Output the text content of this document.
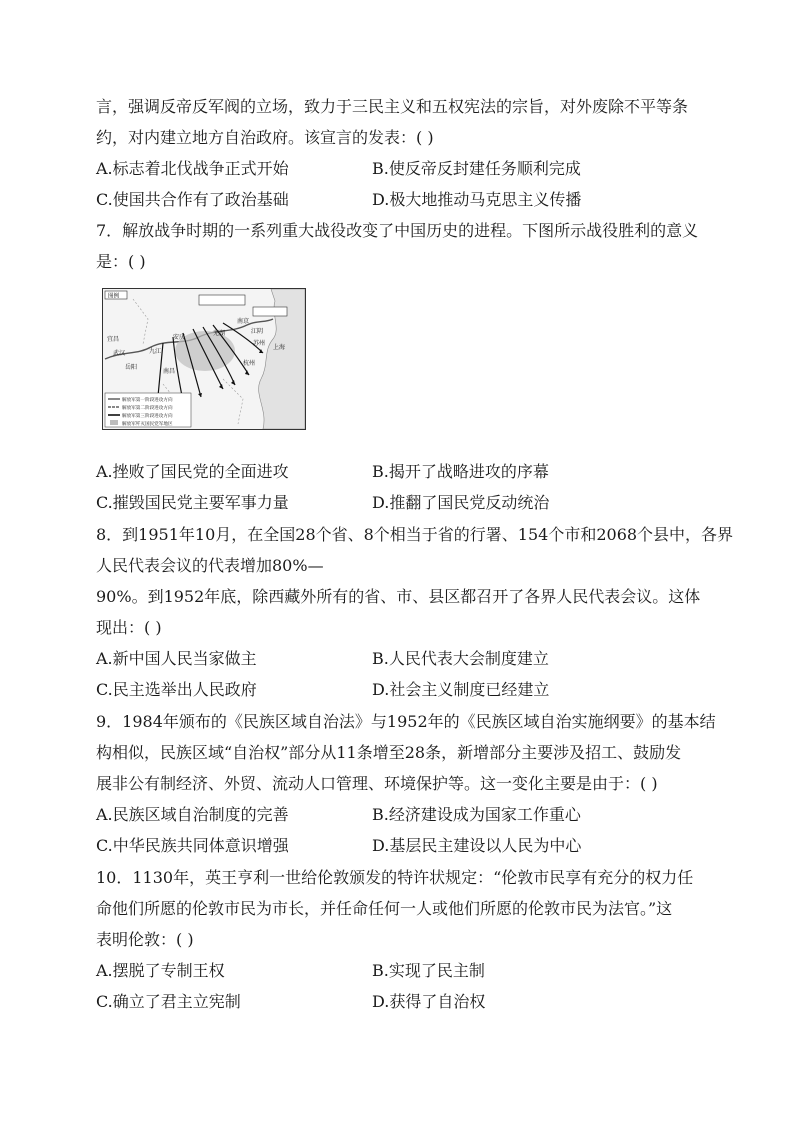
言，强调反帝反军阀的立场，致力于三民主义和五权宪法的宗旨，对外废除不平等条
约，对内建立地方自治政府。该宣言的发表：( )
A.标志着北伐战争正式开始	B.使反帝反封建任务顺利完成
C.使国共合作有了政治基础	D.极大地推动马克思主义传播
7．解放战争时期的一系列重大战役改变了中国历史的进程。下图所示战役胜利的意义
是：( )
图例
武汉	九江
安庆
芜湖
南京
江阴
苏州
上海
杭州
南昌
宜昌
岳阳
解放军第一阶段进攻方向
解放军第二阶段进攻方向
解放军第三阶段进攻方向
解放军歼灭国民党军地区
A.挫败了国民党的全面进攻	B.揭开了战略进攻的序幕
C.摧毁国民党主要军事力量	D.推翻了国民党反动统治
8．到1951年10月，在全国28个省、8个相当于省的行署、154个市和2068个县中，各界
人民代表会议的代表增加80%—
90%。到1952年底，除西藏外所有的省、市、县区都召开了各界人民代表会议。这体
现出：( )
A.新中国人民当家做主	B.人民代表大会制度建立
C.民主选举出人民政府	D.社会主义制度已经建立
9．1984年颁布的《民族区域自治法》与1952年的《民族区域自治实施纲要》的基本结
构相似，民族区域“自治权”部分从11条增至28条，新增部分主要涉及招工、鼓励发
展非公有制经济、外贸、流动人口管理、环境保护等。这一变化主要是由于：( )
A.民族区域自治制度的完善	B.经济建设成为国家工作重心
C.中华民族共同体意识增强	D.基层民主建设以人民为中心
10．1130年，英王亨利一世给伦敦颁发的特许状规定：“伦敦市民享有充分的权力任
命他们所愿的伦敦市民为市长，并任命任何一人或他们所愿的伦敦市民为法官。”这
表明伦敦：( )
A.摆脱了专制王权	B.实现了民主制
C.确立了君主立宪制	D.获得了自治权
